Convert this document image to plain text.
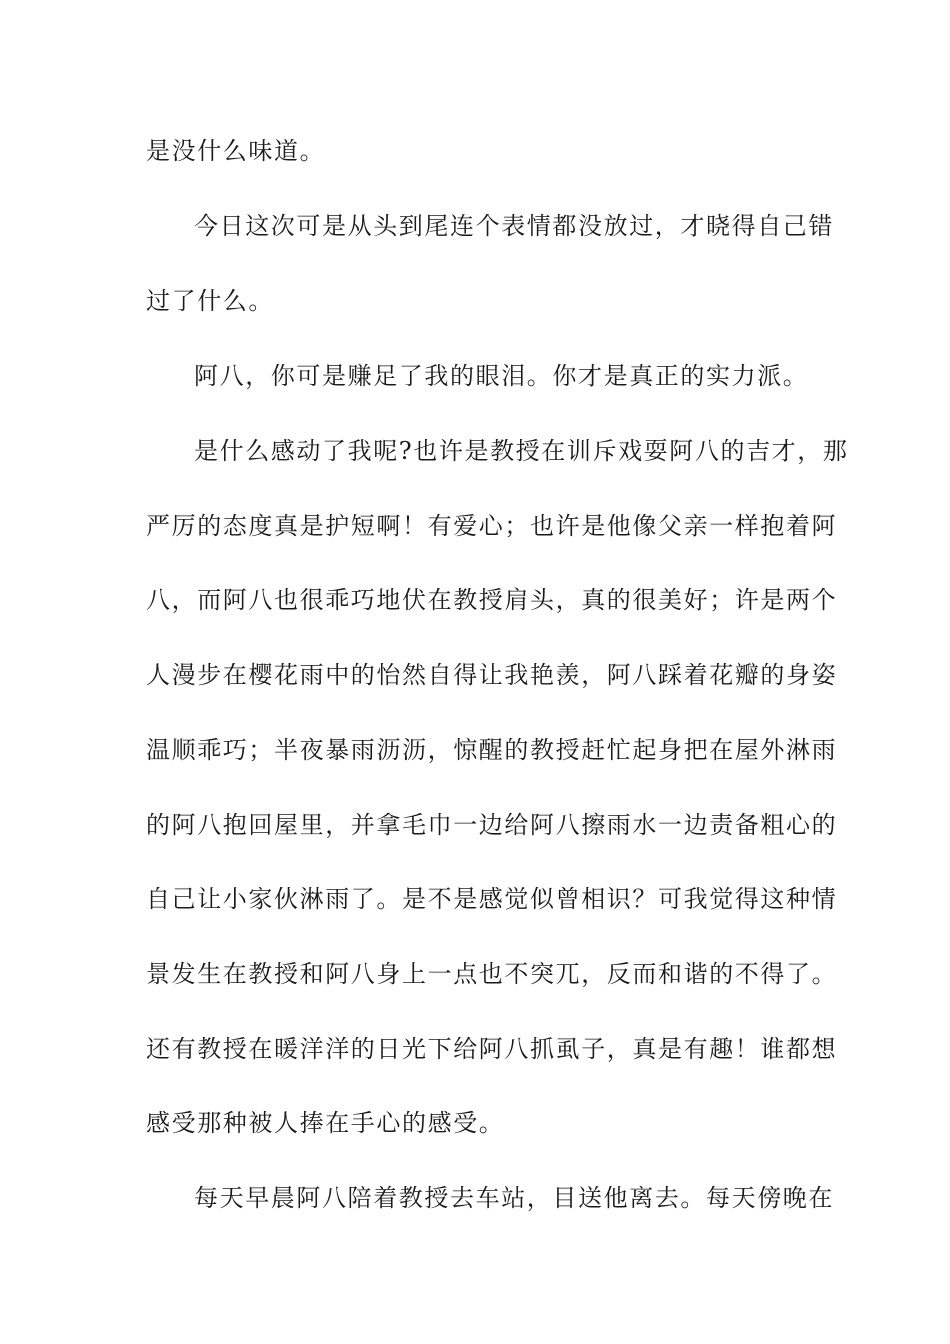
是没什么味道。
今日这次可是从头到尾连个表情都没放过，才晓得自己错
过了什么。
阿八，你可是赚足了我的眼泪。你才是真正的实力派。
是什么感动了我呢?也许是教授在训斥戏耍阿八的吉才，那
严厉的态度真是护短啊！有爱心；也许是他像父亲一样抱着阿
八，而阿八也很乖巧地伏在教授肩头，真的很美好；许是两个
人漫步在樱花雨中的怡然自得让我艳羡，阿八踩着花瓣的身姿
温顺乖巧；半夜暴雨沥沥，惊醒的教授赶忙起身把在屋外淋雨
的阿八抱回屋里，并拿毛巾一边给阿八擦雨水一边责备粗心的
自己让小家伙淋雨了。是不是感觉似曾相识？可我觉得这种情
景发生在教授和阿八身上一点也不突兀，反而和谐的不得了。
还有教授在暖洋洋的日光下给阿八抓虱子，真是有趣！谁都想
感受那种被人捧在手心的感受。
每天早晨阿八陪着教授去车站，目送他离去。每天傍晚在
